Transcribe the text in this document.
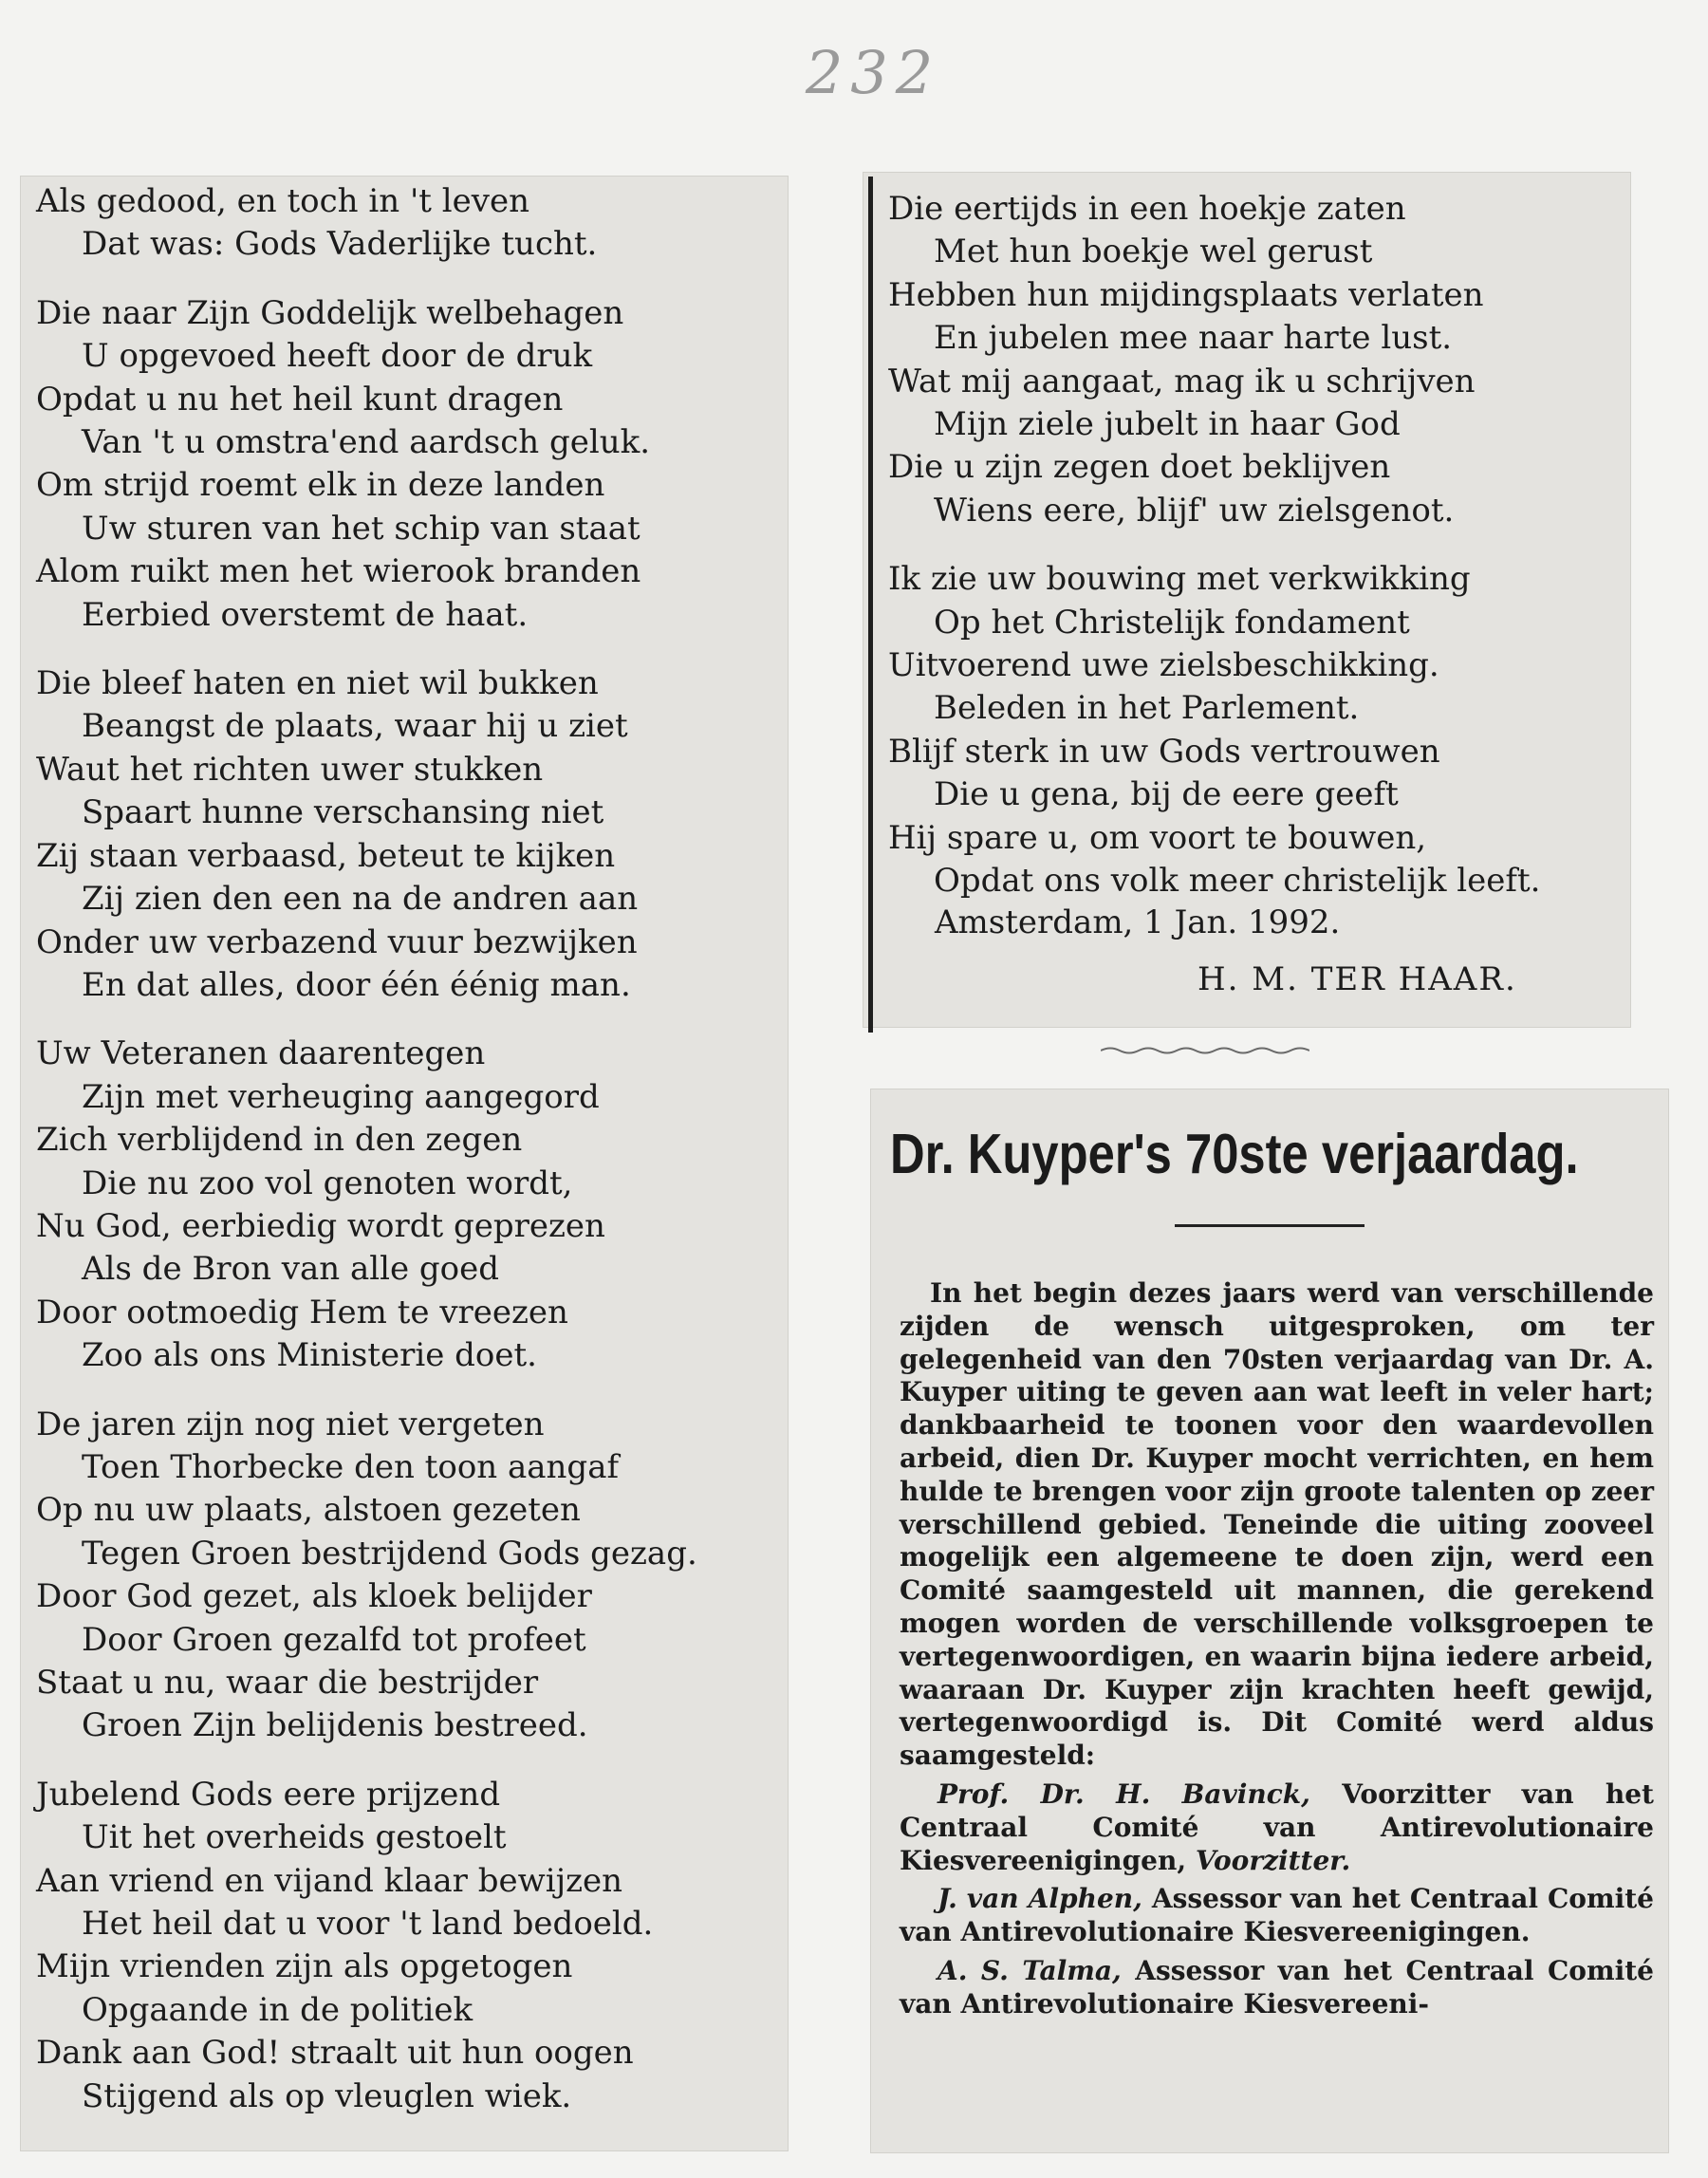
232
Als gedood, en toch in 't leven
Dat was: Gods Vaderlijke tucht.
Die naar Zijn Goddelijk welbehagen
U opgevoed heeft door de druk
Opdat u nu het heil kunt dragen
Van 't u omstra'end aardsch geluk.
Om strijd roemt elk in deze landen
Uw sturen van het schip van staat
Alom ruikt men het wierook branden
Eerbied overstemt de haat.
Die bleef haten en niet wil bukken
Beangst de plaats, waar hij u ziet
Waut het richten uwer stukken
Spaart hunne verschansing niet
Zij staan verbaasd, beteut te kijken
Zij zien den een na de andren aan
Onder uw verbazend vuur bezwijken
En dat alles, door één éénig man.
Uw Veteranen daarentegen
Zijn met verheuging aangegord
Zich verblijdend in den zegen
Die nu zoo vol genoten wordt,
Nu God, eerbiedig wordt geprezen
Als de Bron van alle goed
Door ootmoedig Hem te vreezen
Zoo als ons Ministerie doet.
De jaren zijn nog niet vergeten
Toen Thorbecke den toon aangaf
Op nu uw plaats, alstoen gezeten
Tegen Groen bestrijdend Gods gezag.
Door God gezet, als kloek belijder
Door Groen gezalfd tot profeet
Staat u nu, waar die bestrijder
Groen Zijn belijdenis bestreed.
Jubelend Gods eere prijzend
Uit het overheids gestoelt
Aan vriend en vijand klaar bewijzen
Het heil dat u voor 't land bedoeld.
Mijn vrienden zijn als opgetogen
Opgaande in de politiek
Dank aan God! straalt uit hun oogen
Stijgend als op vleuglen wiek.
Die eertijds in een hoekje zaten
Met hun boekje wel gerust
Hebben hun mijdingsplaats verlaten
En jubelen mee naar harte lust.
Wat mij aangaat, mag ik u schrijven
Mijn ziele jubelt in haar God
Die u zijn zegen doet beklijven
Wiens eere, blijf' uw zielsgenot.
Ik zie uw bouwing met verkwikking
Op het Christelijk fondament
Uitvoerend uwe zielsbeschikking.
Beleden in het Parlement.
Blijf sterk in uw Gods vertrouwen
Die u gena, bij de eere geeft
Hij spare u, om voort te bouwen,
Opdat ons volk meer christelijk leeft.
Amsterdam, 1 Jan. 1992.
H. M. TER HAAR.
Dr. Kuyper's 70ste verjaardag.

In het begin dezes jaars werd van verschillende zijden de wensch uitgesproken, om ter gelegenheid van den 70sten verjaardag van Dr. A. Kuyper uiting te geven aan wat leeft in veler hart; dankbaarheid te toonen voor den waardevollen arbeid, dien Dr. Kuyper mocht verrichten, en hem hulde te brengen voor zijn groote talenten op zeer verschillend gebied. Teneinde die uiting zooveel mogelijk een algemeene te doen zijn, werd een Comité saamgesteld uit mannen, die gerekend mogen worden de verschillende volksgroepen te vertegenwoordigen, en waarin bijna iedere arbeid, waaraan Dr. Kuyper zijn krachten heeft gewijd, vertegenwoordigd is. Dit Comité werd aldus saamgesteld:

Prof. Dr. H. Bavinck, Voorzitter van het Centraal Comité van Antirevolutionaire Kiesvereenigingen, Voorzitter.

J. van Alphen, Assessor van het Centraal Comité van Antirevolutionaire Kiesvereenigingen.

A. S. Talma, Assessor van het Centraal Comité van Antirevolutionaire Kiesvereeni-
